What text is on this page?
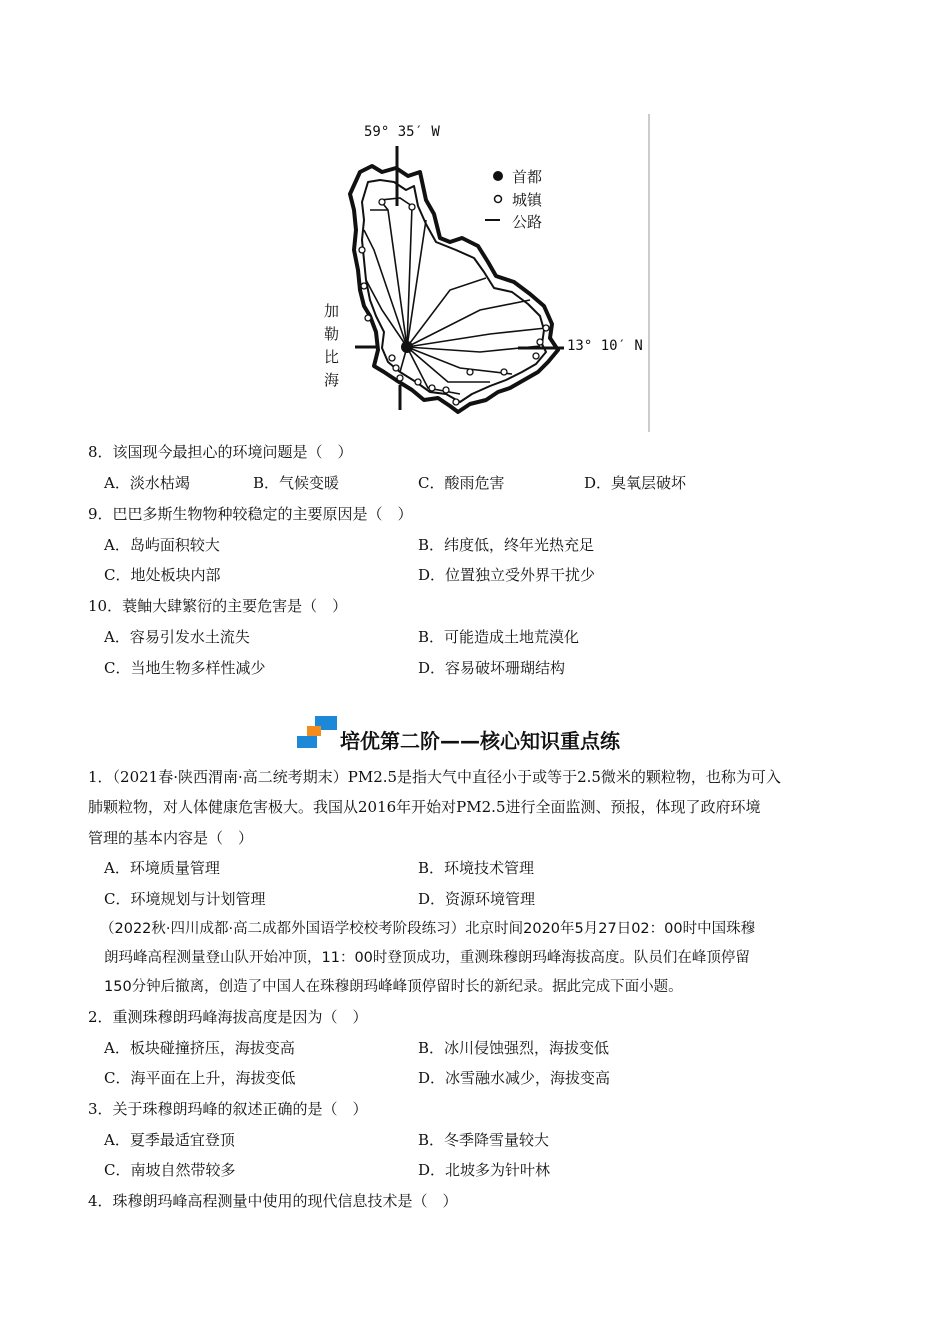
59° 35′ W
13° 10′ N
首都
城镇
公路
加
勒
比
海
8．该国现今最担心的环境问题是（　）
A．淡水枯竭	B．气候变暖	C．酸雨危害	D．臭氧层破坏
9．巴巴多斯生物物种较稳定的主要原因是（　）
A．岛屿面积较大	B．纬度低，终年光热充足
C．地处板块内部	D．位置独立受外界干扰少
10．蓑鲉大肆繁衍的主要危害是（　）
A．容易引发水土流失	B．可能造成土地荒漠化
C．当地生物多样性减少	D．容易破坏珊瑚结构
培优第二阶——核心知识重点练
1．（2021春·陕西渭南·高二统考期末）PM2.5是指大气中直径小于或等于2.5微米的颗粒物，也称为可入
肺颗粒物，对人体健康危害极大。我国从2016年开始对PM2.5进行全面监测、预报，体现了政府环境
管理的基本内容是（　）
A．环境质量管理	B．环境技术管理
C．环境规划与计划管理	D．资源环境管理
（2022秋·四川成都·高二成都外国语学校校考阶段练习）北京时间2020年5月27日02：00时中国珠穆
朗玛峰高程测量登山队开始冲顶，11：00时登顶成功，重测珠穆朗玛峰海拔高度。队员们在峰顶停留
150分钟后撤离，创造了中国人在珠穆朗玛峰峰顶停留时长的新纪录。据此完成下面小题。
2．重测珠穆朗玛峰海拔高度是因为（　）
A．板块碰撞挤压，海拔变高	B．冰川侵蚀强烈，海拔变低
C．海平面在上升，海拔变低	D．冰雪融水减少，海拔变高
3．关于珠穆朗玛峰的叙述正确的是（　）
A．夏季最适宜登顶	B．冬季降雪量较大
C．南坡自然带较多	D．北坡多为针叶林
4．珠穆朗玛峰高程测量中使用的现代信息技术是（　）
